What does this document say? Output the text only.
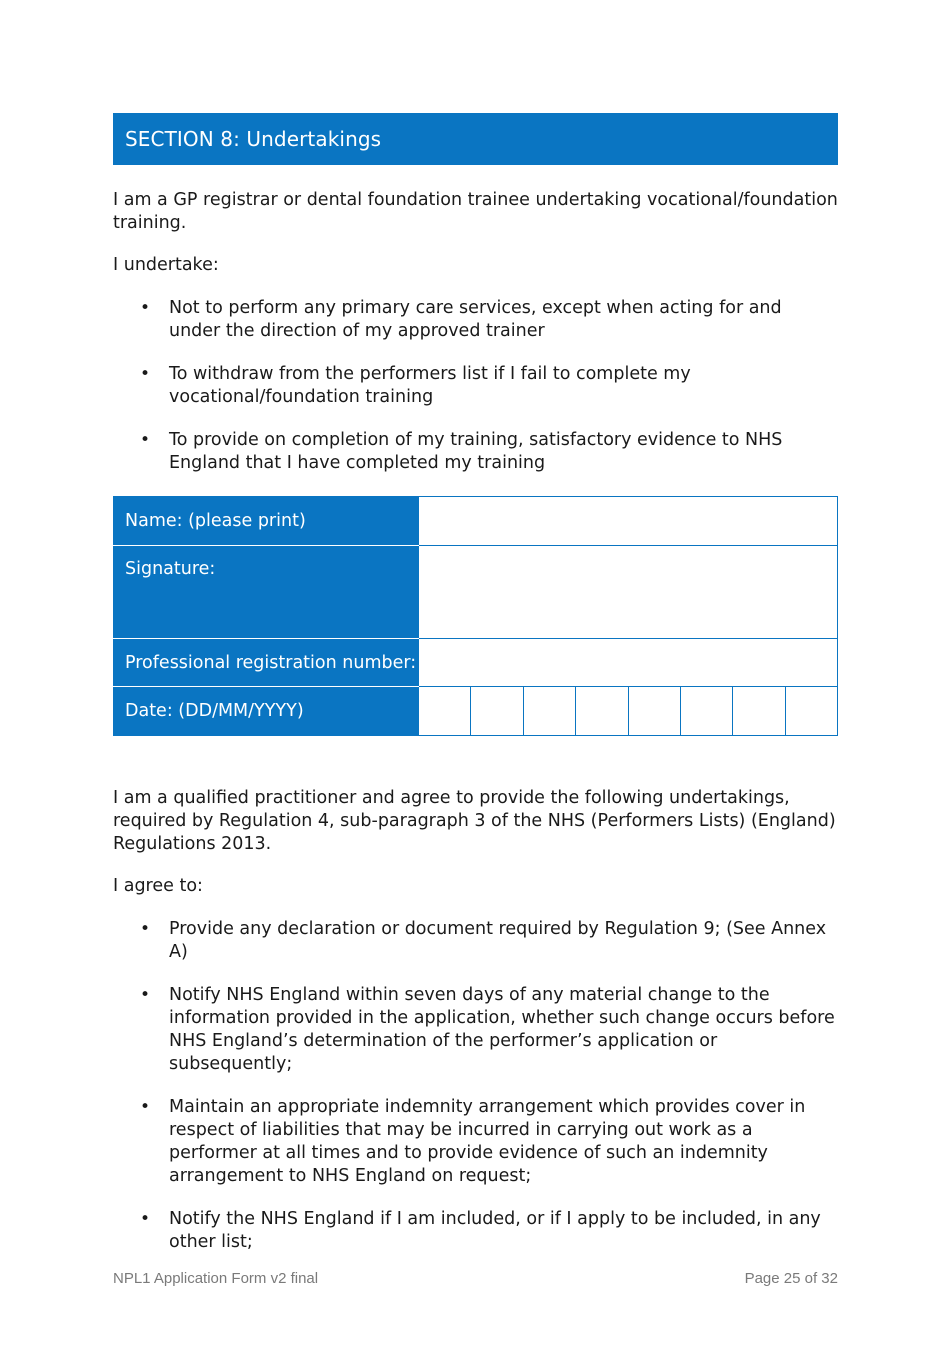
SECTION 8: Undertakings

I am a GP registrar or dental foundation trainee undertaking vocational/foundation training.

I undertake:

• Not to perform any primary care services, except when acting for and under the direction of my approved trainer
• To withdraw from the performers list if I fail to complete my vocational/foundation training
• To provide on completion of my training, satisfactory evidence to NHS England that I have completed my training
Name: (please print)	
Signature:	
Professional registration number:	
Date: (DD/MM/YYYY)	

I am a qualified practitioner and agree to provide the following undertakings, required by Regulation 4, sub-paragraph 3 of the NHS (Performers Lists) (England) Regulations 2013.

I agree to:

• Provide any declaration or document required by Regulation 9; (See Annex A)
• Notify NHS England within seven days of any material change to the information provided in the application, whether such change occurs before NHS England’s determination of the performer’s application or subsequently;
• Maintain an appropriate indemnity arrangement which provides cover in respect of liabilities that may be incurred in carrying out work as a performer at all times and to provide evidence of such an indemnity arrangement to NHS England on request;
• Notify the NHS England if I am included, or if I apply to be included, in any other list;
NPL1 Application Form v2 final	Page 25 of 32
